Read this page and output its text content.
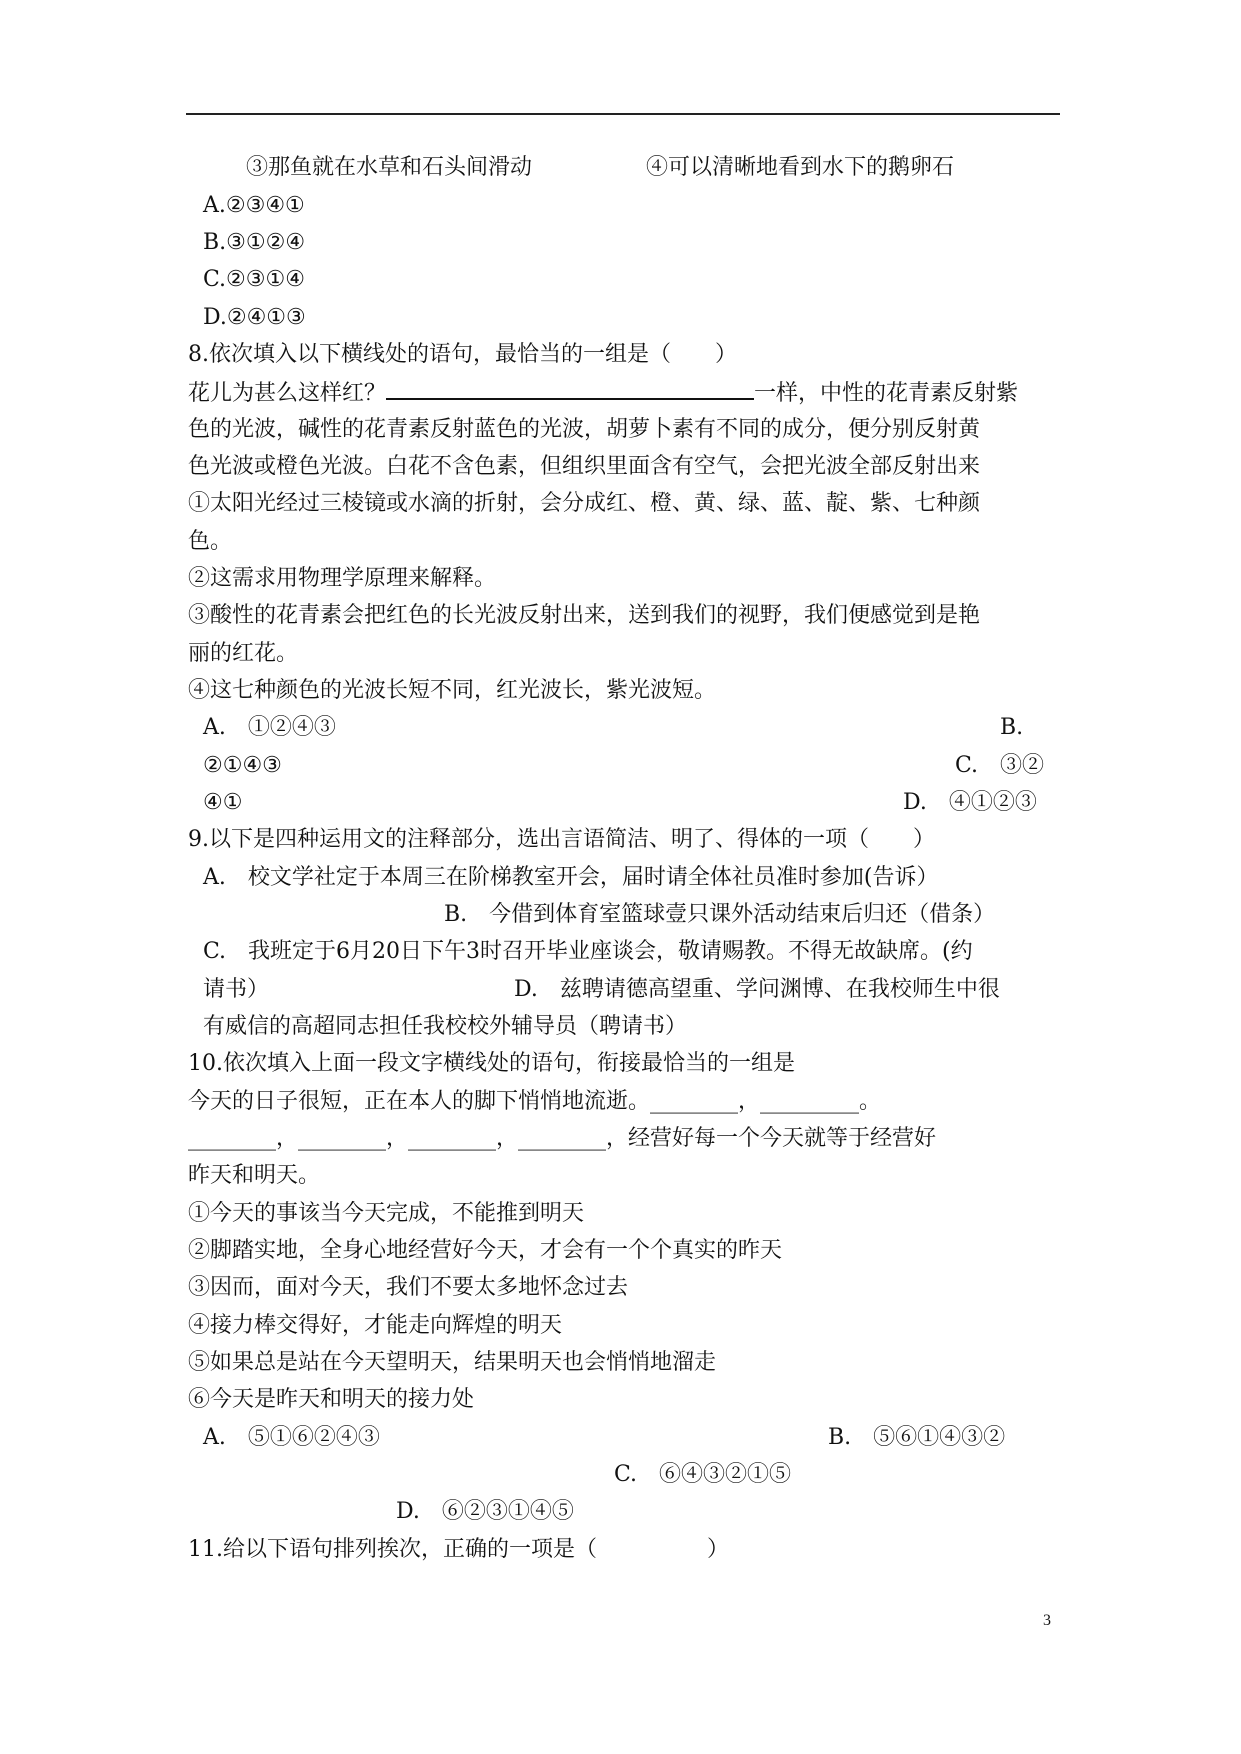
③那鱼就在水草和石头间滑动	④可以清晰地看到水下的鹅卵石
A.②③④①
B.③①②④
C.②③①④
D.②④①③
8.依次填入以下横线处的语句，最恰当的一组是（　　）
花儿为甚么这样红？	一样，中性的花青素反射紫
色的光波，碱性的花青素反射蓝色的光波，胡萝卜素有不同的成分，便分别反射黄
色光波或橙色光波。白花不含色素，但组织里面含有空气，会把光波全部反射出来
①太阳光经过三棱镜或水滴的折射，会分成红、橙、黄、绿、蓝、靛、紫、七种颜
色。
②这需求用物理学原理来解释。
③酸性的花青素会把红色的长光波反射出来，送到我们的视野，我们便感觉到是艳
丽的红花。
④这七种颜色的光波长短不同，红光波长，紫光波短。
A.　①②④③	B.
②①④③	C.　③②
④①	D.　④①②③
9.以下是四种运用文的注释部分，选出言语简洁、明了、得体的一项（　　）
A.　校文学社定于本周三在阶梯教室开会，届时请全体社员准时参加(告诉）
B.　今借到体育室篮球壹只课外活动结束后归还（借条）
C.　我班定于6月20日下午3时召开毕业座谈会，敬请赐教。不得无故缺席。(约
请书）	D.　兹聘请德高望重、学问渊博、在我校师生中很
有威信的高超同志担任我校校外辅导员（聘请书）
10.依次填入上面一段文字横线处的语句，衔接最恰当的一组是
今天的日子很短，正在本人的脚下悄悄地流逝。________，_________。
________，________，________，________，经营好每一个今天就等于经营好
昨天和明天。
①今天的事该当今天完成，不能推到明天
②脚踏实地，全身心地经营好今天，才会有一个个真实的昨天
③因而，面对今天，我们不要太多地怀念过去
④接力棒交得好，才能走向辉煌的明天
⑤如果总是站在今天望明天，结果明天也会悄悄地溜走
⑥今天是昨天和明天的接力处
A.　⑤①⑥②④③	B.　⑤⑥①④③②
C.　⑥④③②①⑤
D.　⑥②③①④⑤
11.给以下语句排列挨次，正确的一项是（　　　　　）
3
